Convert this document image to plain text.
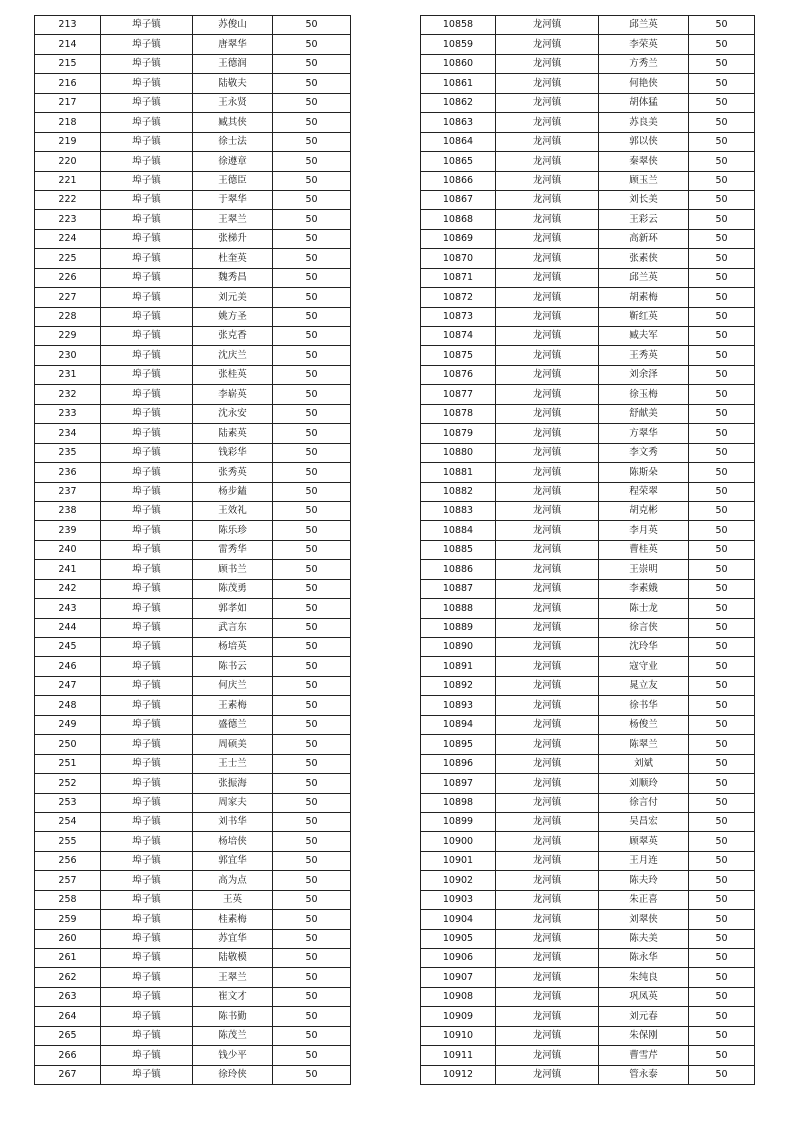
213	埠子镇	苏俊山	50
214	埠子镇	唐翠华	50
215	埠子镇	王德润	50
216	埠子镇	陆敬夫	50
217	埠子镇	王永贤	50
218	埠子镇	臧其侠	50
219	埠子镇	徐士法	50
220	埠子镇	徐遵章	50
221	埠子镇	王德臣	50
222	埠子镇	于翠华	50
223	埠子镇	王翠兰	50
224	埠子镇	张梯升	50
225	埠子镇	杜奎英	50
226	埠子镇	魏秀昌	50
227	埠子镇	刘元美	50
228	埠子镇	姚方圣	50
229	埠子镇	张克香	50
230	埠子镇	沈庆兰	50
231	埠子镇	张桂英	50
232	埠子镇	李崭英	50
233	埠子镇	沈永安	50
234	埠子镇	陆素英	50
235	埠子镇	钱彩华	50
236	埠子镇	张秀英	50
237	埠子镇	杨步鎑	50
238	埠子镇	王效礼	50
239	埠子镇	陈乐珍	50
240	埠子镇	雷秀华	50
241	埠子镇	顾书兰	50
242	埠子镇	陈茂勇	50
243	埠子镇	郭孝如	50
244	埠子镇	武言东	50
245	埠子镇	杨培英	50
246	埠子镇	陈书云	50
247	埠子镇	何庆兰	50
248	埠子镇	王素梅	50
249	埠子镇	盛德兰	50
250	埠子镇	周硕美	50
251	埠子镇	王士兰	50
252	埠子镇	张振海	50
253	埠子镇	周家夫	50
254	埠子镇	刘书华	50
255	埠子镇	杨培侠	50
256	埠子镇	郭宜华	50
257	埠子镇	高为点	50
258	埠子镇	王英	50
259	埠子镇	桂素梅	50
260	埠子镇	苏宜华	50
261	埠子镇	陆敬模	50
262	埠子镇	王翠兰	50
263	埠子镇	崔文才	50
264	埠子镇	陈书勤	50
265	埠子镇	陈茂兰	50
266	埠子镇	钱少平	50
267	埠子镇	徐玲侠	50
10858	龙河镇	邱兰英	50
10859	龙河镇	李荣英	50
10860	龙河镇	方秀兰	50
10861	龙河镇	何艳侠	50
10862	龙河镇	胡体猛	50
10863	龙河镇	苏良美	50
10864	龙河镇	郭以侠	50
10865	龙河镇	秦翠侠	50
10866	龙河镇	顾玉兰	50
10867	龙河镇	刘长美	50
10868	龙河镇	王彩云	50
10869	龙河镇	高新环	50
10870	龙河镇	张素侠	50
10871	龙河镇	邱兰英	50
10872	龙河镇	胡素梅	50
10873	龙河镇	靳红英	50
10874	龙河镇	臧夫军	50
10875	龙河镇	王秀英	50
10876	龙河镇	刘余泽	50
10877	龙河镇	徐玉梅	50
10878	龙河镇	舒献美	50
10879	龙河镇	方翠华	50
10880	龙河镇	李文秀	50
10881	龙河镇	陈斯朵	50
10882	龙河镇	程荣翠	50
10883	龙河镇	胡克彬	50
10884	龙河镇	李月英	50
10885	龙河镇	曹桂英	50
10886	龙河镇	王崇明	50
10887	龙河镇	李素娥	50
10888	龙河镇	陈士龙	50
10889	龙河镇	徐言侠	50
10890	龙河镇	沈玲华	50
10891	龙河镇	寇守业	50
10892	龙河镇	晁立友	50
10893	龙河镇	徐书华	50
10894	龙河镇	杨俊兰	50
10895	龙河镇	陈翠兰	50
10896	龙河镇	刘斌	50
10897	龙河镇	刘顺玲	50
10898	龙河镇	徐言付	50
10899	龙河镇	吴昌宏	50
10900	龙河镇	顾翠英	50
10901	龙河镇	王月连	50
10902	龙河镇	陈夫玲	50
10903	龙河镇	朱正喜	50
10904	龙河镇	刘翠侠	50
10905	龙河镇	陈夫美	50
10906	龙河镇	陈永华	50
10907	龙河镇	朱纯良	50
10908	龙河镇	巩凤英	50
10909	龙河镇	刘元春	50
10910	龙河镇	朱保刚	50
10911	龙河镇	曹雪芹	50
10912	龙河镇	管永泰	50
